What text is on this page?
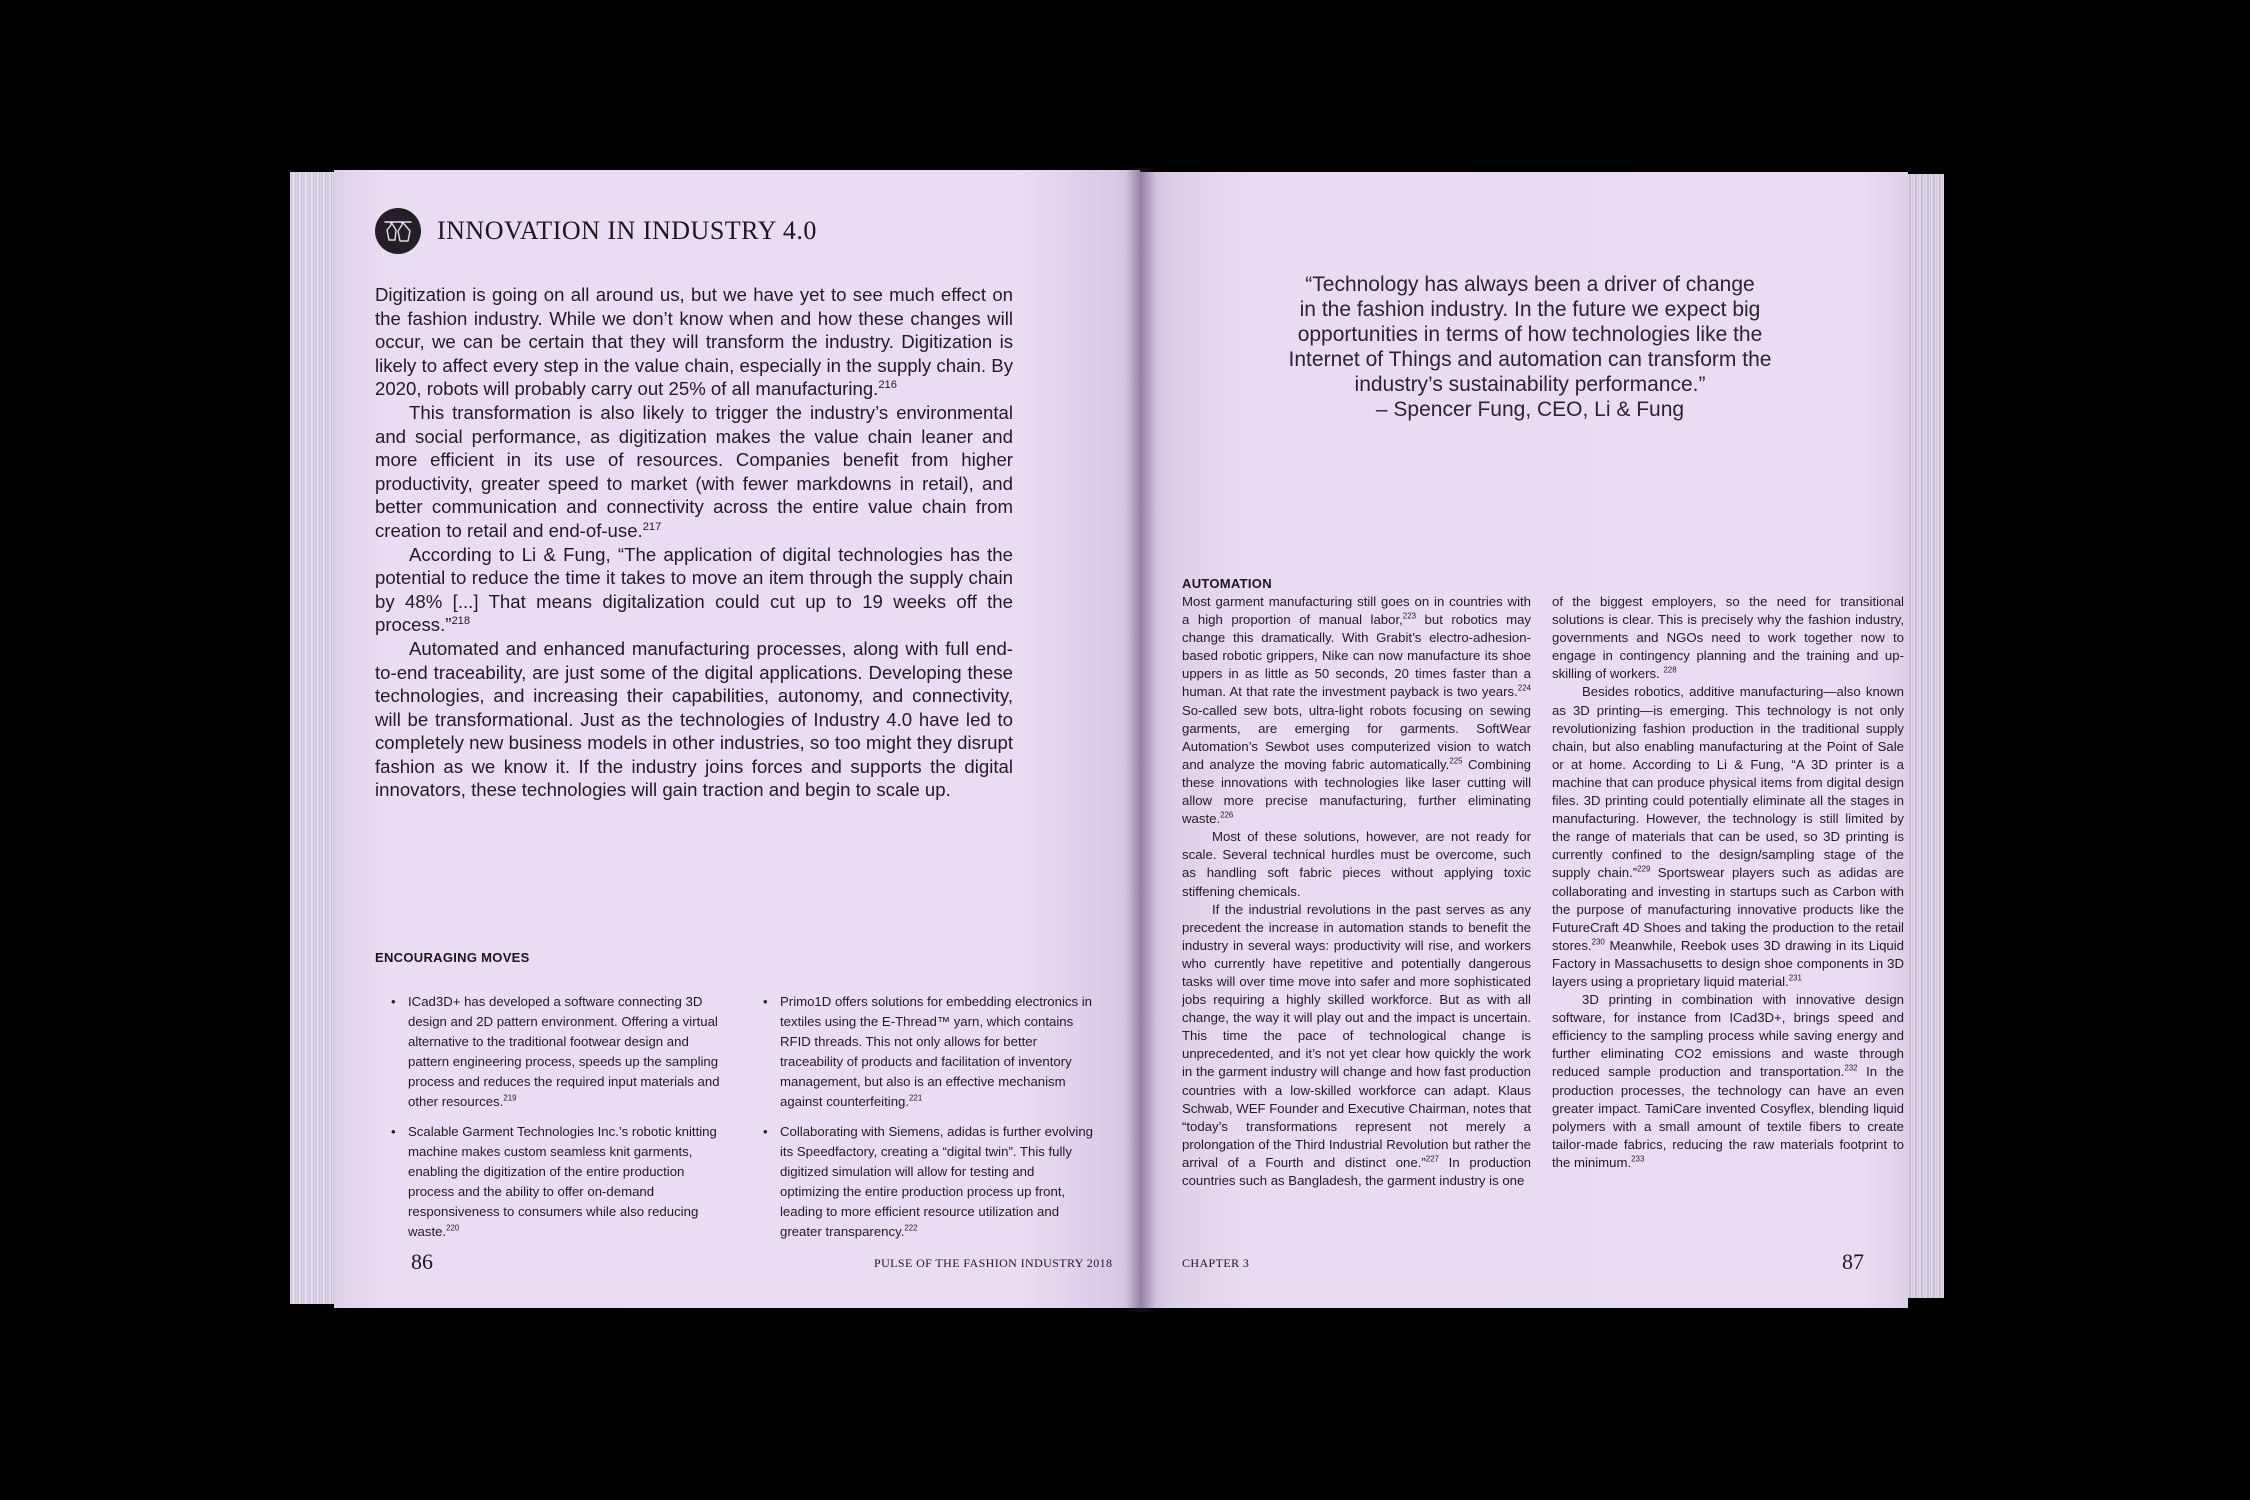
INNOVATION IN INDUSTRY 4.0

Digitization is going on all around us, but we have yet to see much effect on the fashion industry. While we don’t know when and how these changes will occur, we can be certain that they will transform the industry. Digitization is likely to affect every step in the value chain, especially in the supply chain. By 2020, robots will probably carry out 25% of all manufacturing.$^{216}$

This transformation is also likely to trigger the industry’s environmental and social performance, as digitization makes the value chain leaner and more efficient in its use of resources. Companies benefit from higher productivity, greater speed to market (with fewer markdowns in retail), and better communication and connectivity across the entire value chain from creation to retail and end-of-use.$^{217}$

According to Li & Fung, “The application of digital technologies has the potential to reduce the time it takes to move an item through the supply chain by 48% [...] That means digitalization could cut up to 19 weeks off the process.”$^{218}$

Automated and enhanced manufacturing processes, along with full end-to-end traceability, are just some of the digital applications. Developing these technologies, and increasing their capabilities, autonomy, and connectivity, will be transformational. Just as the technologies of Industry 4.0 have led to completely new business models in other industries, so too might they disrupt fashion as we know it. If the industry joins forces and supports the digital innovators, these technologies will gain traction and begin to scale up.

ENCOURAGING MOVES
• ICad3D+ has developed a software connecting 3D design and 2D pattern environment. Offering a virtual alternative to the traditional footwear design and pattern engineering process, speeds up the sampling process and reduces the required input materials and other resources.$^{219}$
• Scalable Garment Technologies Inc.’s robotic knitting machine makes custom seamless knit garments, enabling the digitization of the entire production process and the ability to offer on-demand responsiveness to consumers while also reducing waste.$^{220}$
• Primo1D offers solutions for embedding electronics in textiles using the E-Thread™ yarn, which contains RFID threads. This not only allows for better traceability of products and facilitation of inventory management, but also is an effective mechanism against counterfeiting.$^{221}$
• Collaborating with Siemens, adidas is further evolving its Speedfactory, creating a “digital twin”. This fully digitized simulation will allow for testing and optimizing the entire production process up front, leading to more efficient resource utilization and greater transparency.$^{222}$
86	PULSE OF THE FASHION INDUSTRY 2018
“Technology has always been a driver of change
in the fashion industry. In the future we expect big
opportunities in terms of how technologies like the
Internet of Things and automation can transform the
industry’s sustainability performance.”
– Spencer Fung, CEO, Li & Fung
AUTOMATION

Most garment manufacturing still goes on in countries with a high proportion of manual labor,$^{223}$ but robotics may change this dramatically. With Grabit’s electro-adhesion-based robotic grippers, Nike can now manufacture its shoe uppers in as little as 50 seconds, 20 times faster than a human. At that rate the investment payback is two years.$^{224}$ So-called sew bots, ultra-light robots focusing on sewing garments, are emerging for garments. SoftWear Automation’s Sewbot uses computerized vision to watch and analyze the moving fabric automatically.$^{225}$ Combining these innovations with technologies like laser cutting will allow more precise manufacturing, further eliminating waste.$^{226}$

Most of these solutions, however, are not ready for scale. Several technical hurdles must be overcome, such as handling soft fabric pieces without applying toxic stiffening chemicals.

If the industrial revolutions in the past serves as any precedent the increase in automation stands to benefit the industry in several ways: productivity will rise, and workers who currently have repetitive and potentially dangerous tasks will over time move into safer and more sophisticated jobs requiring a highly skilled workforce. But as with all change, the way it will play out and the impact is uncertain. This time the pace of technological change is unprecedented, and it’s not yet clear how quickly the work in the garment industry will change and how fast production countries with a low-skilled workforce can adapt. Klaus Schwab, WEF Founder and Executive Chairman, notes that “today’s transformations represent not merely a prolongation of the Third Industrial Revolution but rather the arrival of a Fourth and distinct one.”$^{227}$ In production countries such as Bangladesh, the garment industry is one

of the biggest employers, so the need for transitional solutions is clear. This is precisely why the fashion industry, governments and NGOs need to work together now to engage in contingency planning and the training and up-skilling of workers. $^{228}$

Besides robotics, additive manufacturing—also known as 3D printing—is emerging. This technology is not only revolutionizing fashion production in the traditional supply chain, but also enabling manufacturing at the Point of Sale or at home. According to Li & Fung, “A 3D printer is a machine that can produce physical items from digital design files. 3D printing could potentially eliminate all the stages in manufacturing. However, the technology is still limited by the range of materials that can be used, so 3D printing is currently confined to the design/sampling stage of the supply chain.”$^{229}$ Sportswear players such as adidas are collaborating and investing in startups such as Carbon with the purpose of manufacturing innovative products like the FutureCraft 4D Shoes and taking the production to the retail stores.$^{230}$ Meanwhile, Reebok uses 3D drawing in its Liquid Factory in Massachusetts to design shoe components in 3D layers using a proprietary liquid material.$^{231}$

3D printing in combination with innovative design software, for instance from ICad3D+, brings speed and efficiency to the sampling process while saving energy and further eliminating CO2 emissions and waste through reduced sample production and transportation.$^{232}$ In the production processes, the technology can have an even greater impact. TamiCare invented Cosyflex, blending liquid polymers with a small amount of textile fibers to create tailor-made fabrics, reducing the raw materials footprint to the minimum.$^{233}$

CHAPTER 3	87
